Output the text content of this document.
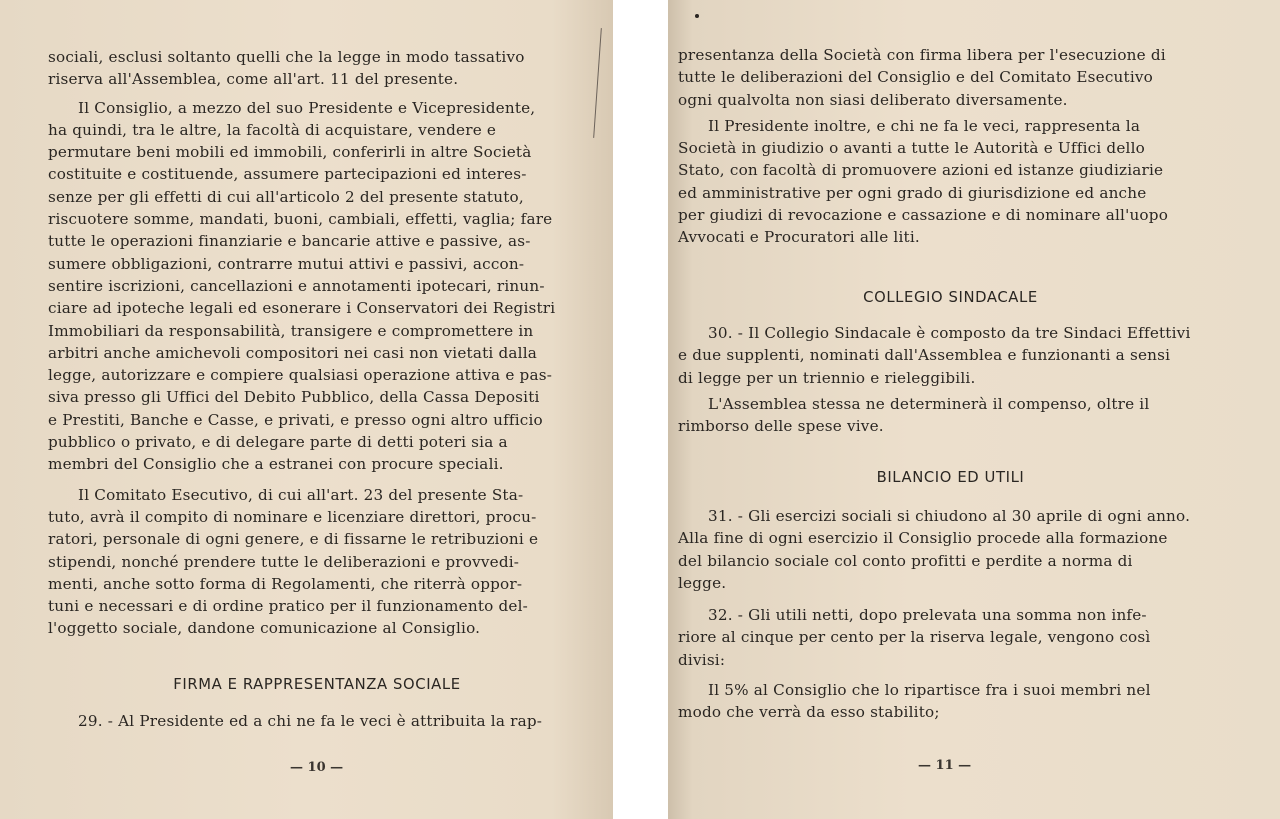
sociali, esclusi soltanto quelli che la legge in modo tassativo
riserva all'Assemblea, come all'art. 11 del presente.

Il Consiglio, a mezzo del suo Presidente e Vicepresidente,
ha quindi, tra le altre, la facoltà di acquistare, vendere e
permutare beni mobili ed immobili, conferirli in altre Società
costituite e costituende, assumere partecipazioni ed interes-
senze per gli effetti di cui all'articolo 2 del presente statuto,
riscuotere somme, mandati, buoni, cambiali, effetti, vaglia; fare
tutte le operazioni finanziarie e bancarie attive e passive, as-
sumere obbligazioni, contrarre mutui attivi e passivi, accon-
sentire iscrizioni, cancellazioni e annotamenti ipotecari, rinun-
ciare ad ipoteche legali ed esonerare i Conservatori dei Registri
Immobiliari da responsabilità, transigere e compromettere in
arbitri anche amichevoli compositori nei casi non vietati dalla
legge, autorizzare e compiere qualsiasi operazione attiva e pas-
siva presso gli Uffici del Debito Pubblico, della Cassa Depositi
e Prestiti, Banche e Casse, e privati, e presso ogni altro ufficio
pubblico o privato, e di delegare parte di detti poteri sia a
membri del Consiglio che a estranei con procure speciali.

Il Comitato Esecutivo, di cui all'art. 23 del presente Sta-
tuto, avrà il compito di nominare e licenziare direttori, procu-
ratori, personale di ogni genere, e di fissarne le retribuzioni e
stipendi, nonché prendere tutte le deliberazioni e provvedi-
menti, anche sotto forma di Regolamenti, che riterrà oppor-
tuni e necessari e di ordine pratico per il funzionamento del-
l'oggetto sociale, dandone comunicazione al Consiglio.

FIRMA E RAPPRESENTANZA SOCIALE

29. - Al Presidente ed a chi ne fa le veci è attribuita la rap-

— 10 —

presentanza della Società con firma libera per l'esecuzione di
tutte le deliberazioni del Consiglio e del Comitato Esecutivo
ogni qualvolta non siasi deliberato diversamente.

Il Presidente inoltre, e chi ne fa le veci, rappresenta la
Società in giudizio o avanti a tutte le Autorità e Uffici dello
Stato, con facoltà di promuovere azioni ed istanze giudiziarie
ed amministrative per ogni grado di giurisdizione ed anche
per giudizi di revocazione e cassazione e di nominare all'uopo
Avvocati e Procuratori alle liti.

COLLEGIO SINDACALE

30. - Il Collegio Sindacale è composto da tre Sindaci Effettivi
e due supplenti, nominati dall'Assemblea e funzionanti a sensi
di legge per un triennio e rieleggibili.

L'Assemblea stessa ne determinerà il compenso, oltre il
rimborso delle spese vive.

BILANCIO ED UTILI

31. - Gli esercizi sociali si chiudono al 30 aprile di ogni anno.
Alla fine di ogni esercizio il Consiglio procede alla formazione
del bilancio sociale col conto profitti e perdite a norma di
legge.

32. - Gli utili netti, dopo prelevata una somma non infe-
riore al cinque per cento per la riserva legale, vengono così
divisi:

Il 5% al Consiglio che lo ripartisce fra i suoi membri nel
modo che verrà da esso stabilito;

— 11 —
